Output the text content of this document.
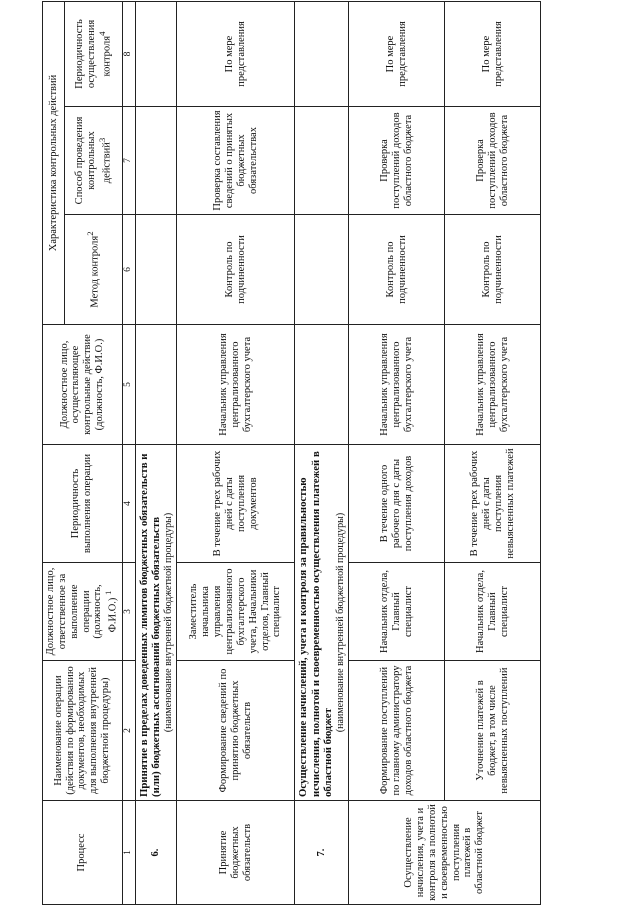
Процесс	Наименование операции (действия по формированию документов, необходимых для выполнения внутренней бюджетной процедуры)	Должностное лицо, ответственное за выполнение операции (должность, Ф.И.О.) $^1$	Периодичность выполнения операции	Должностное лицо, осуществляющее контрольные действие (должность, Ф.И.О.)	Характеристика контрольных действий		
					Метод контроля$^2$	Способ проведения контрольных действий$^3$	Периодичность осуществления контроля$^4$
1	2	3	4	5	6	7	8
6.	Принятие в пределах доведенных лимитов бюджетных обязательств и (или) бюджетных ассигнований бюджетных обязательств (наименование внутренней бюджетной процедуры)						

Принятие бюджетных обязательств	Формирование сведений по принятию бюджетных обязательств	Заместитель начальника управления централизованного бухгалтерского учета, Начальники отделов, Главный специалист	В течение трех рабочих дней с даты поступления документов	Начальник управления централизованного бухгалтерского учета	Контроль по подчиненности	Проверка составления сведений о принятых бюджетных обязательствах	По мере представления
7.	Осуществление начислений, учета и контроля за правильностью исчисления, полнотой и своевременностью осуществления платежей в областной бюджет
(наименование внутренней бюджетной процедуры)						

Осуществление начисления, учета и контроля за полнотой и своевременностью поступления платежей в областной бюджет	Формирование поступлений по главному администратору доходов областного бюджета	Начальник отдела, Главный специалист	В течение одного рабочего дня с даты поступления доходов	Начальник управления централизованного бухгалтерского учета	Контроль по подчиненности	Проверка поступлений доходов областного бюджета	По мере представления
	Уточнение платежей в бюджет, в том числе невыясненных поступлений	Начальник отдела, Главный специалист	В течение трех рабочих дней с даты поступления невыясненных платежей	Начальник управления централизованного бухгалтерского учета	Контроль по подчиненности	Проверка поступлений доходов областного бюджета	По мере представления
